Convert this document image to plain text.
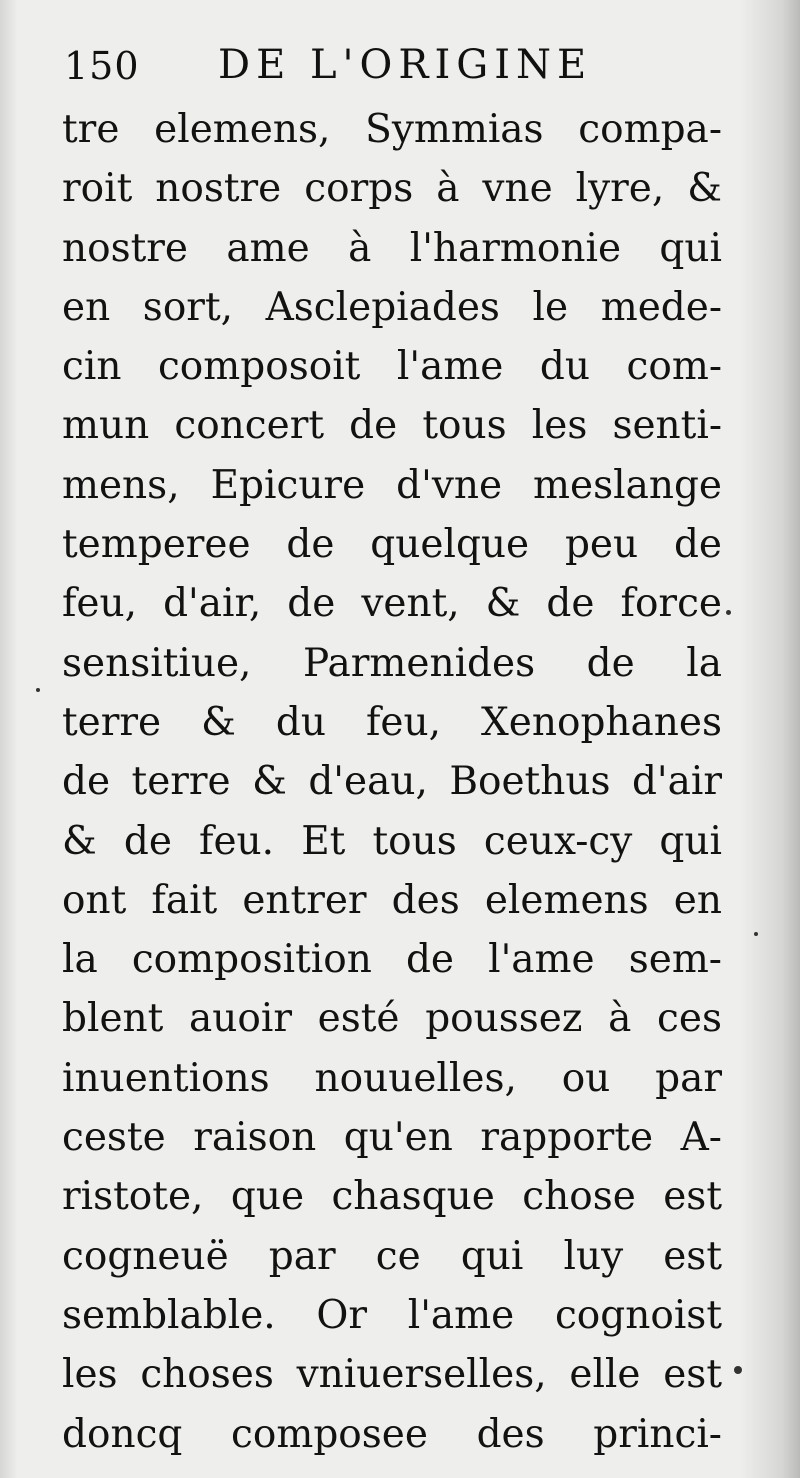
150 DE L'ORIGINE
tre elemens, Symmias compa-
roit nostre corps à vne lyre, &
nostre ame à l'harmonie qui
en sort, Asclepiades le mede-
cin composoit l'ame du com-
mun concert de tous les senti-
mens, Epicure d'vne meslange
temperee de quelque peu de
feu, d'air, de vent, & de force
sensitiue, Parmenides de la
terre & du feu, Xenophanes
de terre & d'eau, Boethus d'air
& de feu. Et tous ceux-cy qui
ont fait entrer des elemens en
la composition de l'ame sem-
blent auoir esté poussez à ces
inuentions nouuelles, ou par
ceste raison qu'en rapporte A-
ristote, que chasque chose est
cogneuë par ce qui luy est
semblable. Or l'ame cognoist
les choses vniuerselles, elle est
doncq composee des princi-
